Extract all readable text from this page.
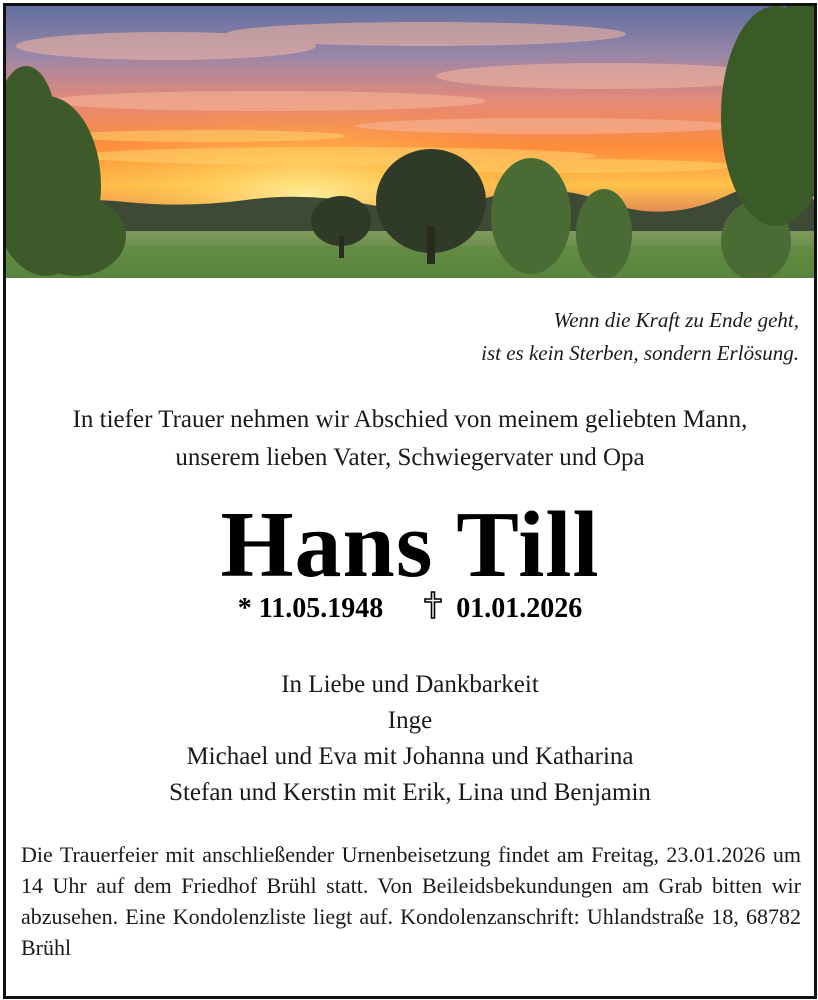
Wenn die Kraft zu Ende geht,
ist es kein Sterben, sondern Erlösung.
In tiefer Trauer nehmen wir Abschied von meinem geliebten Mann,
unserem lieben Vater, Schwiegervater und Opa
Hans Till
* 11.05.1948	01.01.2026
In Liebe und Dankbarkeit
Inge
Michael und Eva mit Johanna und Katharina
Stefan und Kerstin mit Erik, Lina und Benjamin
Die Trauerfeier mit anschließender Urnenbeisetzung findet am Freitag, 23.01.2026 um 14 Uhr auf dem Friedhof Brühl statt. Von Beileidsbekundungen am Grab bitten wir abzusehen. Eine Kondolenzliste liegt auf. Kondolenzanschrift: Uhlandstraße 18, 68782 Brühl
